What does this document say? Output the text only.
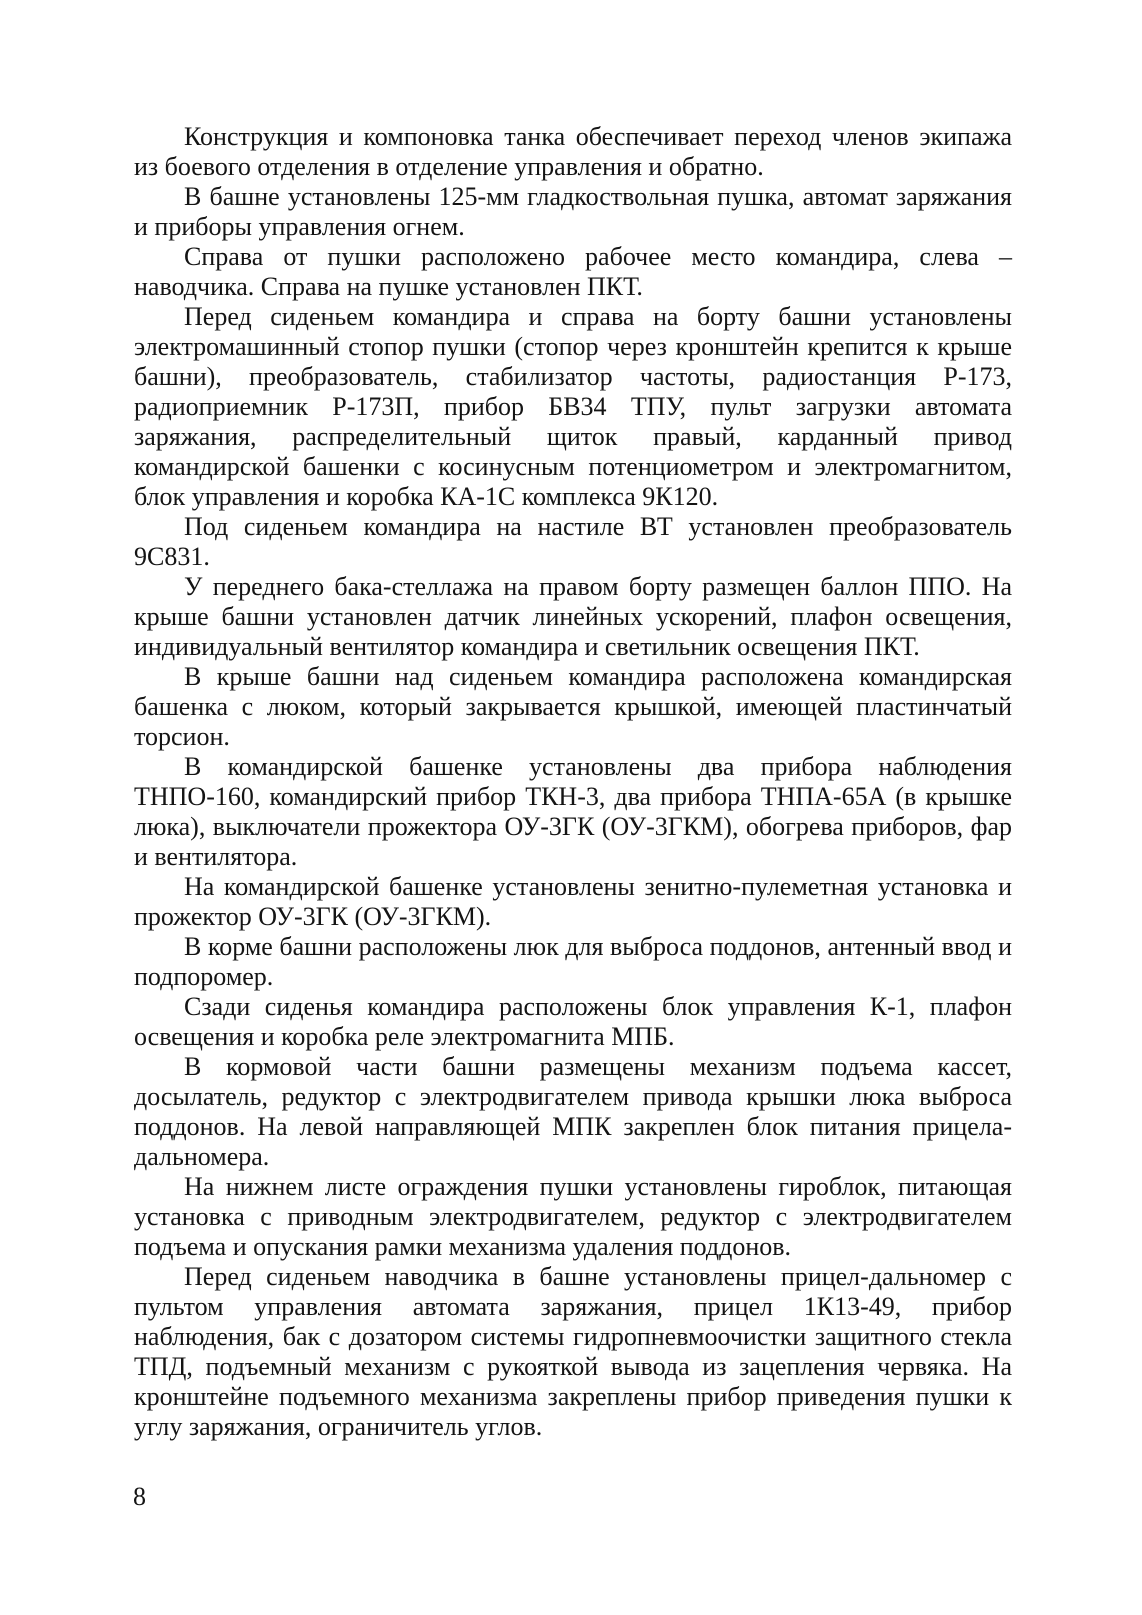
Конструкция и компоновка танка обеспечивает переход членов экипажа из боевого отделения в отделение управления и обратно.

В башне установлены 125-мм гладкоствольная пушка, автомат заряжания и приборы управления огнем.

Справа от пушки расположено рабочее место командира, слева – наводчика. Справа на пушке установлен ПКТ.

Перед сиденьем командира и справа на борту башни установлены электромашинный стопор пушки (стопор через кронштейн крепится к крыше башни), преобразователь, стабилизатор частоты, радиостанция Р-173, радиоприемник Р-173П, прибор БВ34 ТПУ, пульт загрузки автомата заряжания, распределительный щиток правый, карданный привод командирской башенки с косинусным потенциометром и электромагнитом, блок управления и коробка КА-1С комплекса 9К120.

Под сиденьем командира на настиле ВТ установлен преобразователь 9С831.

У переднего бака-стеллажа на правом борту размещен баллон ППО. На крыше башни установлен датчик линейных ускорений, плафон освещения, индивидуальный вентилятор командира и светильник освещения ПКТ.

В крыше башни над сиденьем командира расположена командирская башенка с люком, который закрывается крышкой, имеющей пластинчатый торсион.

В командирской башенке установлены два прибора наблюдения ТНПО-160, командирский прибор ТКН-3, два прибора ТНПА-65А (в крышке люка), выключатели прожектора ОУ-3ГК (ОУ-3ГКМ), обогрева приборов, фар и вентилятора.

На командирской башенке установлены зенитно-пулеметная установка и прожектор ОУ-3ГК (ОУ-3ГКМ).

В корме башни расположены люк для выброса поддонов, антенный ввод и подпоромер.

Сзади сиденья командира расположены блок управления К-1, плафон освещения и коробка реле электромагнита МПБ.

В кормовой части башни размещены механизм подъема кассет, досылатель, редуктор с электродвигателем привода крышки люка выброса поддонов. На левой направляющей МПК закреплен блок питания прицела-дальномера.

На нижнем листе ограждения пушки установлены гироблок, питающая установка с приводным электродвигателем, редуктор с электродвигателем подъема и опускания рамки механизма удаления поддонов.

Перед сиденьем наводчика в башне установлены прицел-дальномер с пультом управления автомата заряжания, прицел 1К13-49, прибор наблюдения, бак с дозатором системы гидропневмоочистки защитного стекла ТПД, подъемный механизм с рукояткой вывода из зацепления червяка. На кронштейне подъемного механизма закреплены прибор приведения пушки к углу заряжания, ограничитель углов.

8
